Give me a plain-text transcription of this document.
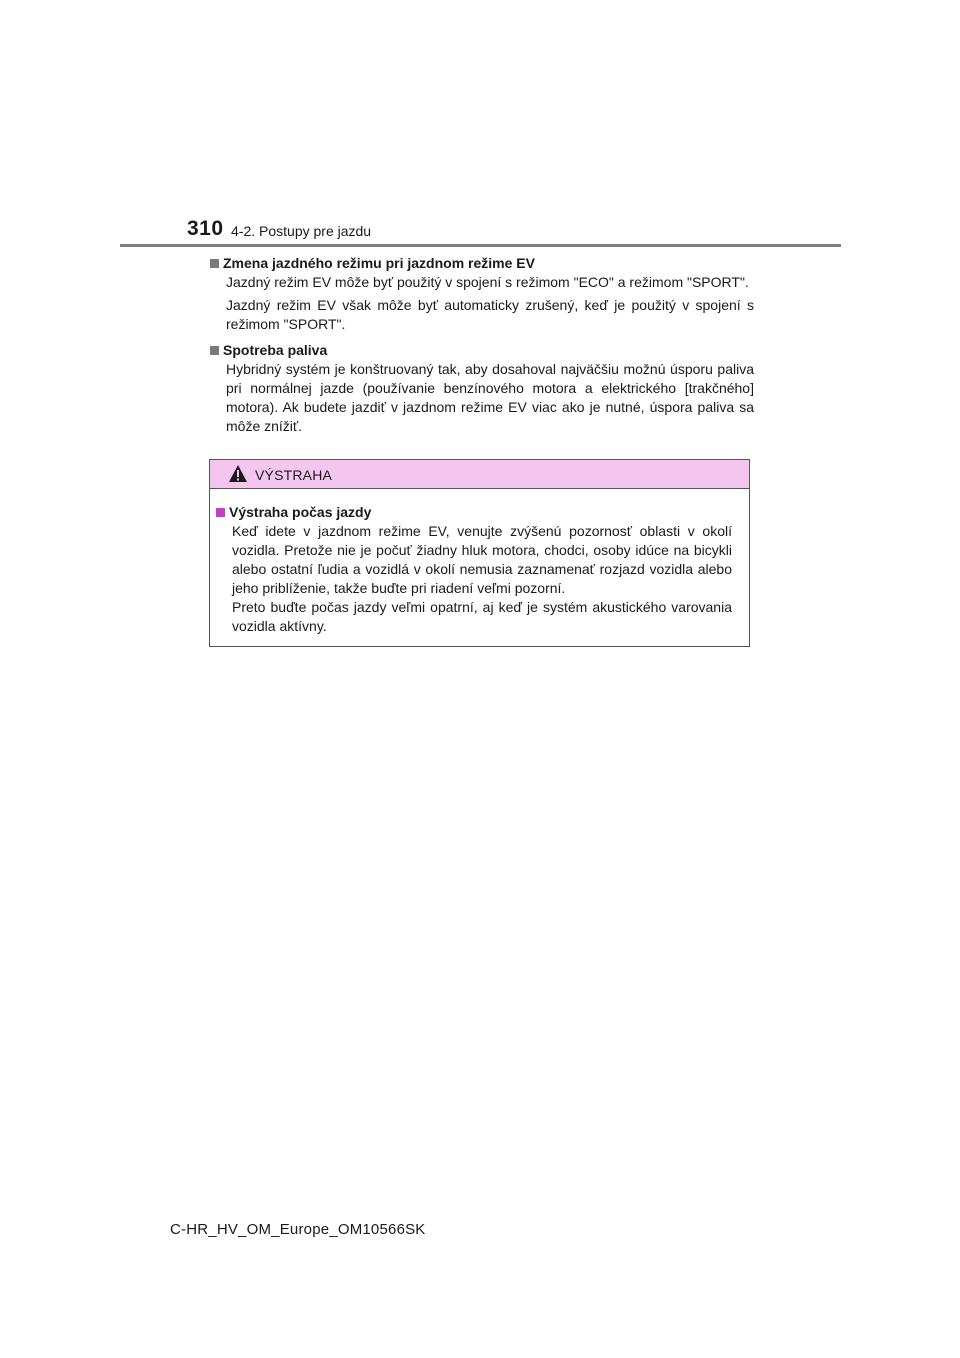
310 4-2. Postupy pre jazdu
Zmena jazdného režimu pri jazdnom režime EV

Jazdný režim EV môže byť použitý v spojení s režimom "ECO" a režimom "SPORT".

Jazdný režim EV však môže byť automaticky zrušený, keď je použitý v spojení s režimom "SPORT".

Spotreba paliva

Hybridný systém je konštruovaný tak, aby dosahoval najväčšiu možnú úsporu paliva pri normálnej jazde (používanie benzínového motora a elektrického [trakčného] motora). Ak budete jazdiť v jazdnom režime EV viac ako je nutné, úspora paliva sa môže znížiť.

VÝSTRAHA
Výstraha počas jazdy

Keď idete v jazdnom režime EV, venujte zvýšenú pozornosť oblasti v okolí vozidla. Pretože nie je počuť žiadny hluk motora, chodci, osoby idúce na bicykli alebo ostatní ľudia a vozidlá v okolí nemusia zaznamenať rozjazd vozidla alebo jeho priblíženie, takže buďte pri riadení veľmi pozorní.

Preto buďte počas jazdy veľmi opatrní, aj keď je systém akustického varovania vozidla aktívny.

C-HR_HV_OM_Europe_OM10566SK
